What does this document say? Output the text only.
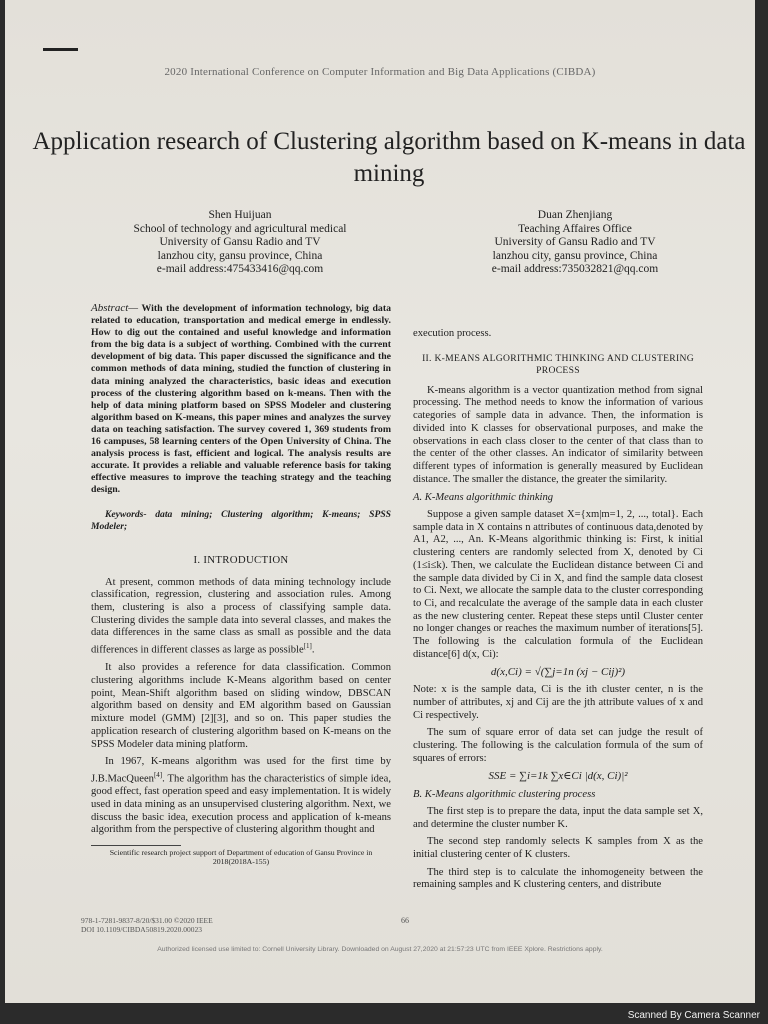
2020 International Conference on Computer Information and Big Data Applications (CIBDA)
Application research of Clustering algorithm based on K-means in data mining
Shen Huijuan
School of technology and agricultural medical
University of Gansu Radio and TV
lanzhou city, gansu province, China
e-mail address:475433416@qq.com
Duan Zhenjiang
Teaching Affaires Office
University of Gansu Radio and TV
lanzhou city, gansu province, China
e-mail address:735032821@qq.com
Abstract— With the development of information technology, big data related to education, transportation and medical emerge in endlessly. How to dig out the contained and useful knowledge and information from the big data is a subject of worthing. Combined with the current development of big data. This paper discussed the significance and the common methods of data mining, studied the function of clustering in data mining analyzed the characteristics, basic ideas and execution process of the clustering algorithm based on k-means. Then with the help of data mining platform based on SPSS Modeler and clustering algorithm based on K-means, this paper mines and analyzes the survey data on teaching satisfaction. The survey covered 1, 369 students from 16 campuses, 58 learning centers of the Open University of China. The analysis process is fast, efficient and logical. The analysis results are accurate. It provides a reliable and valuable reference basis for taking effective measures to improve the teaching strategy and the teaching design.
Keywords- data mining; Clustering algorithm; K-means; SPSS Modeler;
I. INTRODUCTION

At present, common methods of data mining technology include classification, regression, clustering and association rules. Among them, clustering is also a process of classifying sample data. Clustering divides the sample data into several classes, and makes the data differences in the same class as small as possible and the data differences in different classes as large as possible[1].

It also provides a reference for data classification. Common clustering algorithms include K-Means algorithm based on center point, Mean-Shift algorithm based on sliding window, DBSCAN algorithm based on density and EM algorithm based on Gaussian mixture model (GMM) [2][3], and so on. This paper studies the application research of clustering algorithm based on K-means on the SPSS Modeler data mining platform.

In 1967, K-means algorithm was used for the first time by J.B.MacQueen[4]. The algorithm has the characteristics of simple idea, good effect, fast operation speed and easy implementation. It is widely used in data mining as an unsupervised clustering algorithm. Next, we discuss the basic idea, execution process and application of k-means algorithm from the perspective of clustering algorithm thought and

Scientific research project support of Department of education of Gansu Province in 2018(2018A-155)
execution process.
II. K-MEANS ALGORITHMIC THINKING AND CLUSTERING PROCESS

K-means algorithm is a vector quantization method from signal processing. The method needs to know the information of various categories of sample data in advance. Then, the information is divided into K classes for observational purposes, and make the observations in each class closer to the center of that class than to the center of the other classes. An indicator of similarity between different types of information is generally measured by Euclidean distance. The smaller the distance, the greater the similarity.

A. K-Means algorithmic thinking

Suppose a given sample dataset X={xm|m=1, 2, ..., total}. Each sample data in X contains n attributes of continuous data,denoted by A1, A2, ..., An. K-Means algorithmic thinking is: First, k initial clustering centers are randomly selected from X, denoted by Ci (1≤i≤k). Then, we calculate the Euclidean distance between Ci and the sample data divided by Ci in X, and find the sample data closest to Ci. Next, we allocate the sample data to the cluster corresponding to Ci, and recalculate the average of the sample data in each cluster as the new clustering center. Repeat these steps until Cluster center no longer changes or reaches the maximum number of iterations[5]. The following is the calculation formula of the Euclidean distance[6] d(x, Ci):

d(x,Ci) = √(∑j=1n (xj − Cij)²)

Note: x is the sample data, Ci is the ith cluster center, n is the number of attributes, xj and Cij are the jth attribute values of x and Ci respectively.

The sum of square error of data set can judge the result of clustering. The following is the calculation formula of the sum of squares of errors:

SSE = ∑i=1k ∑x∈Ci |d(x, Ci)|²
B. K-Means algorithmic clustering process

The first step is to prepare the data, input the data sample set X, and determine the cluster number K.

The second step randomly selects K samples from X as the initial clustering center of K clusters.

The third step is to calculate the inhomogeneity between the remaining samples and K clustering centers, and distribute

978-1-7281-9837-8/20/$31.00 ©2020 IEEE
DOI 10.1109/CIBDA50819.2020.00023
66
Authorized licensed use limited to: Cornell University Library. Downloaded on August 27,2020 at 21:57:23 UTC from IEEE Xplore. Restrictions apply.
Scanned By Camera Scanner
